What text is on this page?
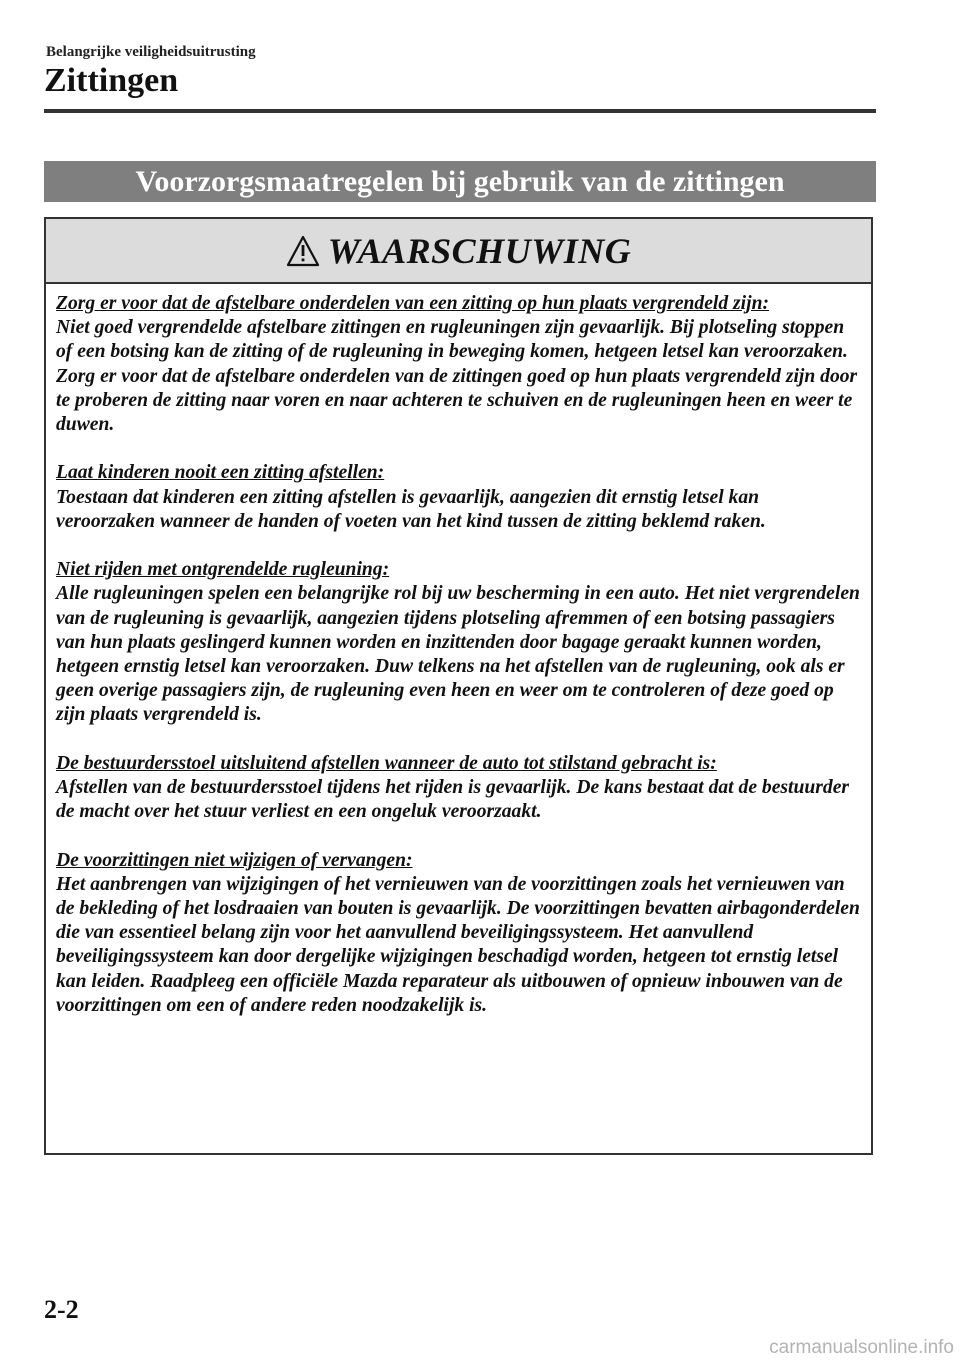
Belangrijke veiligheidsuitrusting
Zittingen
Voorzorgsmaatregelen bij gebruik van de zittingen
WAARSCHUWING
Zorg er voor dat de afstelbare onderdelen van een zitting op hun plaats vergrendeld zijn:
Niet goed vergrendelde afstelbare zittingen en rugleuningen zijn gevaarlijk. Bij plotseling stoppen of een botsing kan de zitting of de rugleuning in beweging komen, hetgeen letsel kan veroorzaken. Zorg er voor dat de afstelbare onderdelen van de zittingen goed op hun plaats vergrendeld zijn door te proberen de zitting naar voren en naar achteren te schuiven en de rugleuningen heen en weer te duwen.
Laat kinderen nooit een zitting afstellen:
Toestaan dat kinderen een zitting afstellen is gevaarlijk, aangezien dit ernstig letsel kan veroorzaken wanneer de handen of voeten van het kind tussen de zitting beklemd raken.
Niet rijden met ontgrendelde rugleuning:
Alle rugleuningen spelen een belangrijke rol bij uw bescherming in een auto. Het niet vergrendelen van de rugleuning is gevaarlijk, aangezien tijdens plotseling afremmen of een botsing passagiers van hun plaats geslingerd kunnen worden en inzittenden door bagage geraakt kunnen worden, hetgeen ernstig letsel kan veroorzaken. Duw telkens na het afstellen van de rugleuning, ook als er geen overige passagiers zijn, de rugleuning even heen en weer om te controleren of deze goed op zijn plaats vergrendeld is.
De bestuurdersstoel uitsluitend afstellen wanneer de auto tot stilstand gebracht is:
Afstellen van de bestuurdersstoel tijdens het rijden is gevaarlijk. De kans bestaat dat de bestuurder de macht over het stuur verliest en een ongeluk veroorzaakt.
De voorzittingen niet wijzigen of vervangen:
Het aanbrengen van wijzigingen of het vernieuwen van de voorzittingen zoals het vernieuwen van de bekleding of het losdraaien van bouten is gevaarlijk. De voorzittingen bevatten airbagonderdelen die van essentieel belang zijn voor het aanvullend beveiligingssysteem. Het aanvullend beveiligingssysteem kan door dergelijke wijzigingen beschadigd worden, hetgeen tot ernstig letsel kan leiden. Raadpleeg een officiële Mazda reparateur als uitbouwen of opnieuw inbouwen van de voorzittingen om een of andere reden noodzakelijk is.
2-2
carmanualsonline.info
